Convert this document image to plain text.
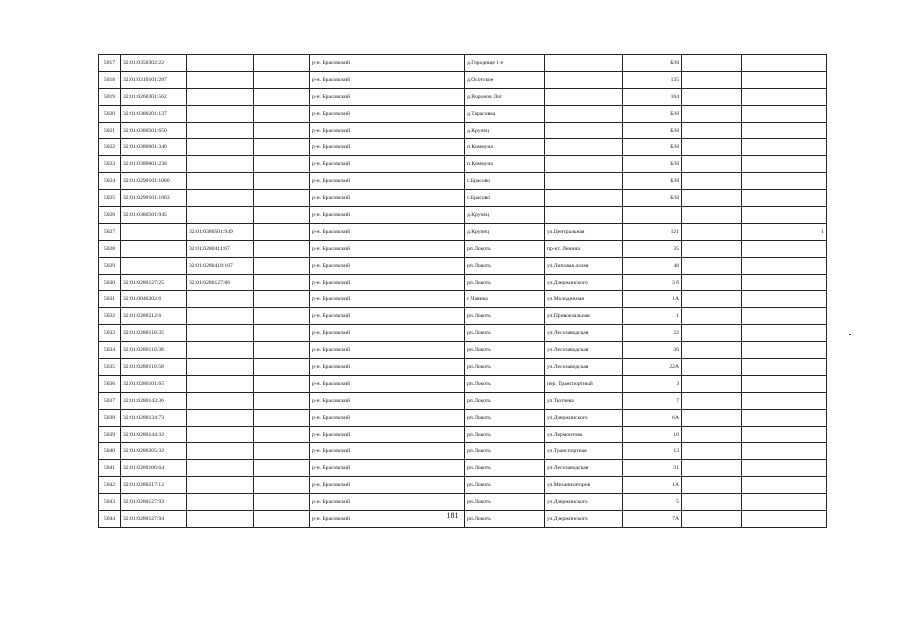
5017	32:01:0350302:22			р-н. Брасовский	д.Городище 1-е		Б/Н		
5018	32:01:0310101:287			р-н. Брасовский	д.Осотское		135		
5019	32:01:0260301:562			р-н. Брасовский	д.Воронов Лог		164		
5020	32:01:0380201:137			р-н. Брасовский	д.Тарасовка		Б/Н		
5021	32:01:0380501:650			р-н. Брасовский	д.Крупец		Б/Н		
5022	32:01:0380601:340			р-н. Брасовский	п.Коммуна		Б/Н		
5023	32:01:0380601:238			р-н. Брасовский	п.Коммуна		Б/Н		
5024	32:01:0290101:1060			р-н. Брасовский	с.Брасово		Б/Н		
5025	32:01:0290101:1063			р-н. Брасовский	с.Брасово		Б/Н		
5026	32:01:0380501:945			р-н. Брасовский	д.Крупец				
5027		32:01:0380501:949		р-н. Брасовский	д.Крупец	ул.Центральная	121		1
5028		32:01:0280411:67		р-н. Брасовский	рп.Локоть	пр-кт. Ленина	35		
5029		32:01:0280418:167		р-н. Брасовский	рп.Локоть	ул.Липовая аллея	48		
5030	32:01:0280127:25	32:01:0280127:86		р-н. Брасовский	рп.Локоть	ул.Дзержинского	3 б		
5031	32:01:0040202:6			р-н. Брасовский	с.Чаянка	ул.Молодежная	1А		
5032	32:01:0280212:6			р-н. Брасовский	рп.Локоть	ул.Привокзальная	1		
5033	32:01:0280110:35			р-н. Брасовский	рп.Локоть	ул.Лесозаводская	22		
5034	32:01:0280110:38			р-н. Брасовский	рп.Локоть	ул.Лесозаводская	36		
5035	32:01:0280110:58			р-н. Брасовский	рп.Локоть	ул.Лесозаводская	22А		
5036	32:01:0280101:65			р-н. Брасовский	рп.Локоть	пер. Транспортный	3		
5037	32:01:0280143:36			р-н. Брасовский	рп.Локоть	ул.Тютчева	7		
5038	32:01:0280134:73			р-н. Брасовский	рп.Локоть	ул.Дзержинского	6А		
5039	32:01:0280144:32			р-н. Брасовский	рп.Локоть	ул.Лермонтова	10		
5040	32:01:0280205:32			р-н. Брасовский	рп.Локоть	ул.Транспортная	13		
5041	32:01:0280106:64			р-н. Брасовский	рп.Локоть	ул.Лесозаводская	31		
5042	32:01:0280217:12			р-н. Брасовский	рп.Локоть	ул.Механизаторов	1А		
5043	32:01:0280127:93			р-н. Брасовский	рп.Локоть	ул.Дзержинского	5		
5044	32:01:0280127:94			р-н. Брасовский	рп.Локоть	ул.Дзержинского	7А		
181
